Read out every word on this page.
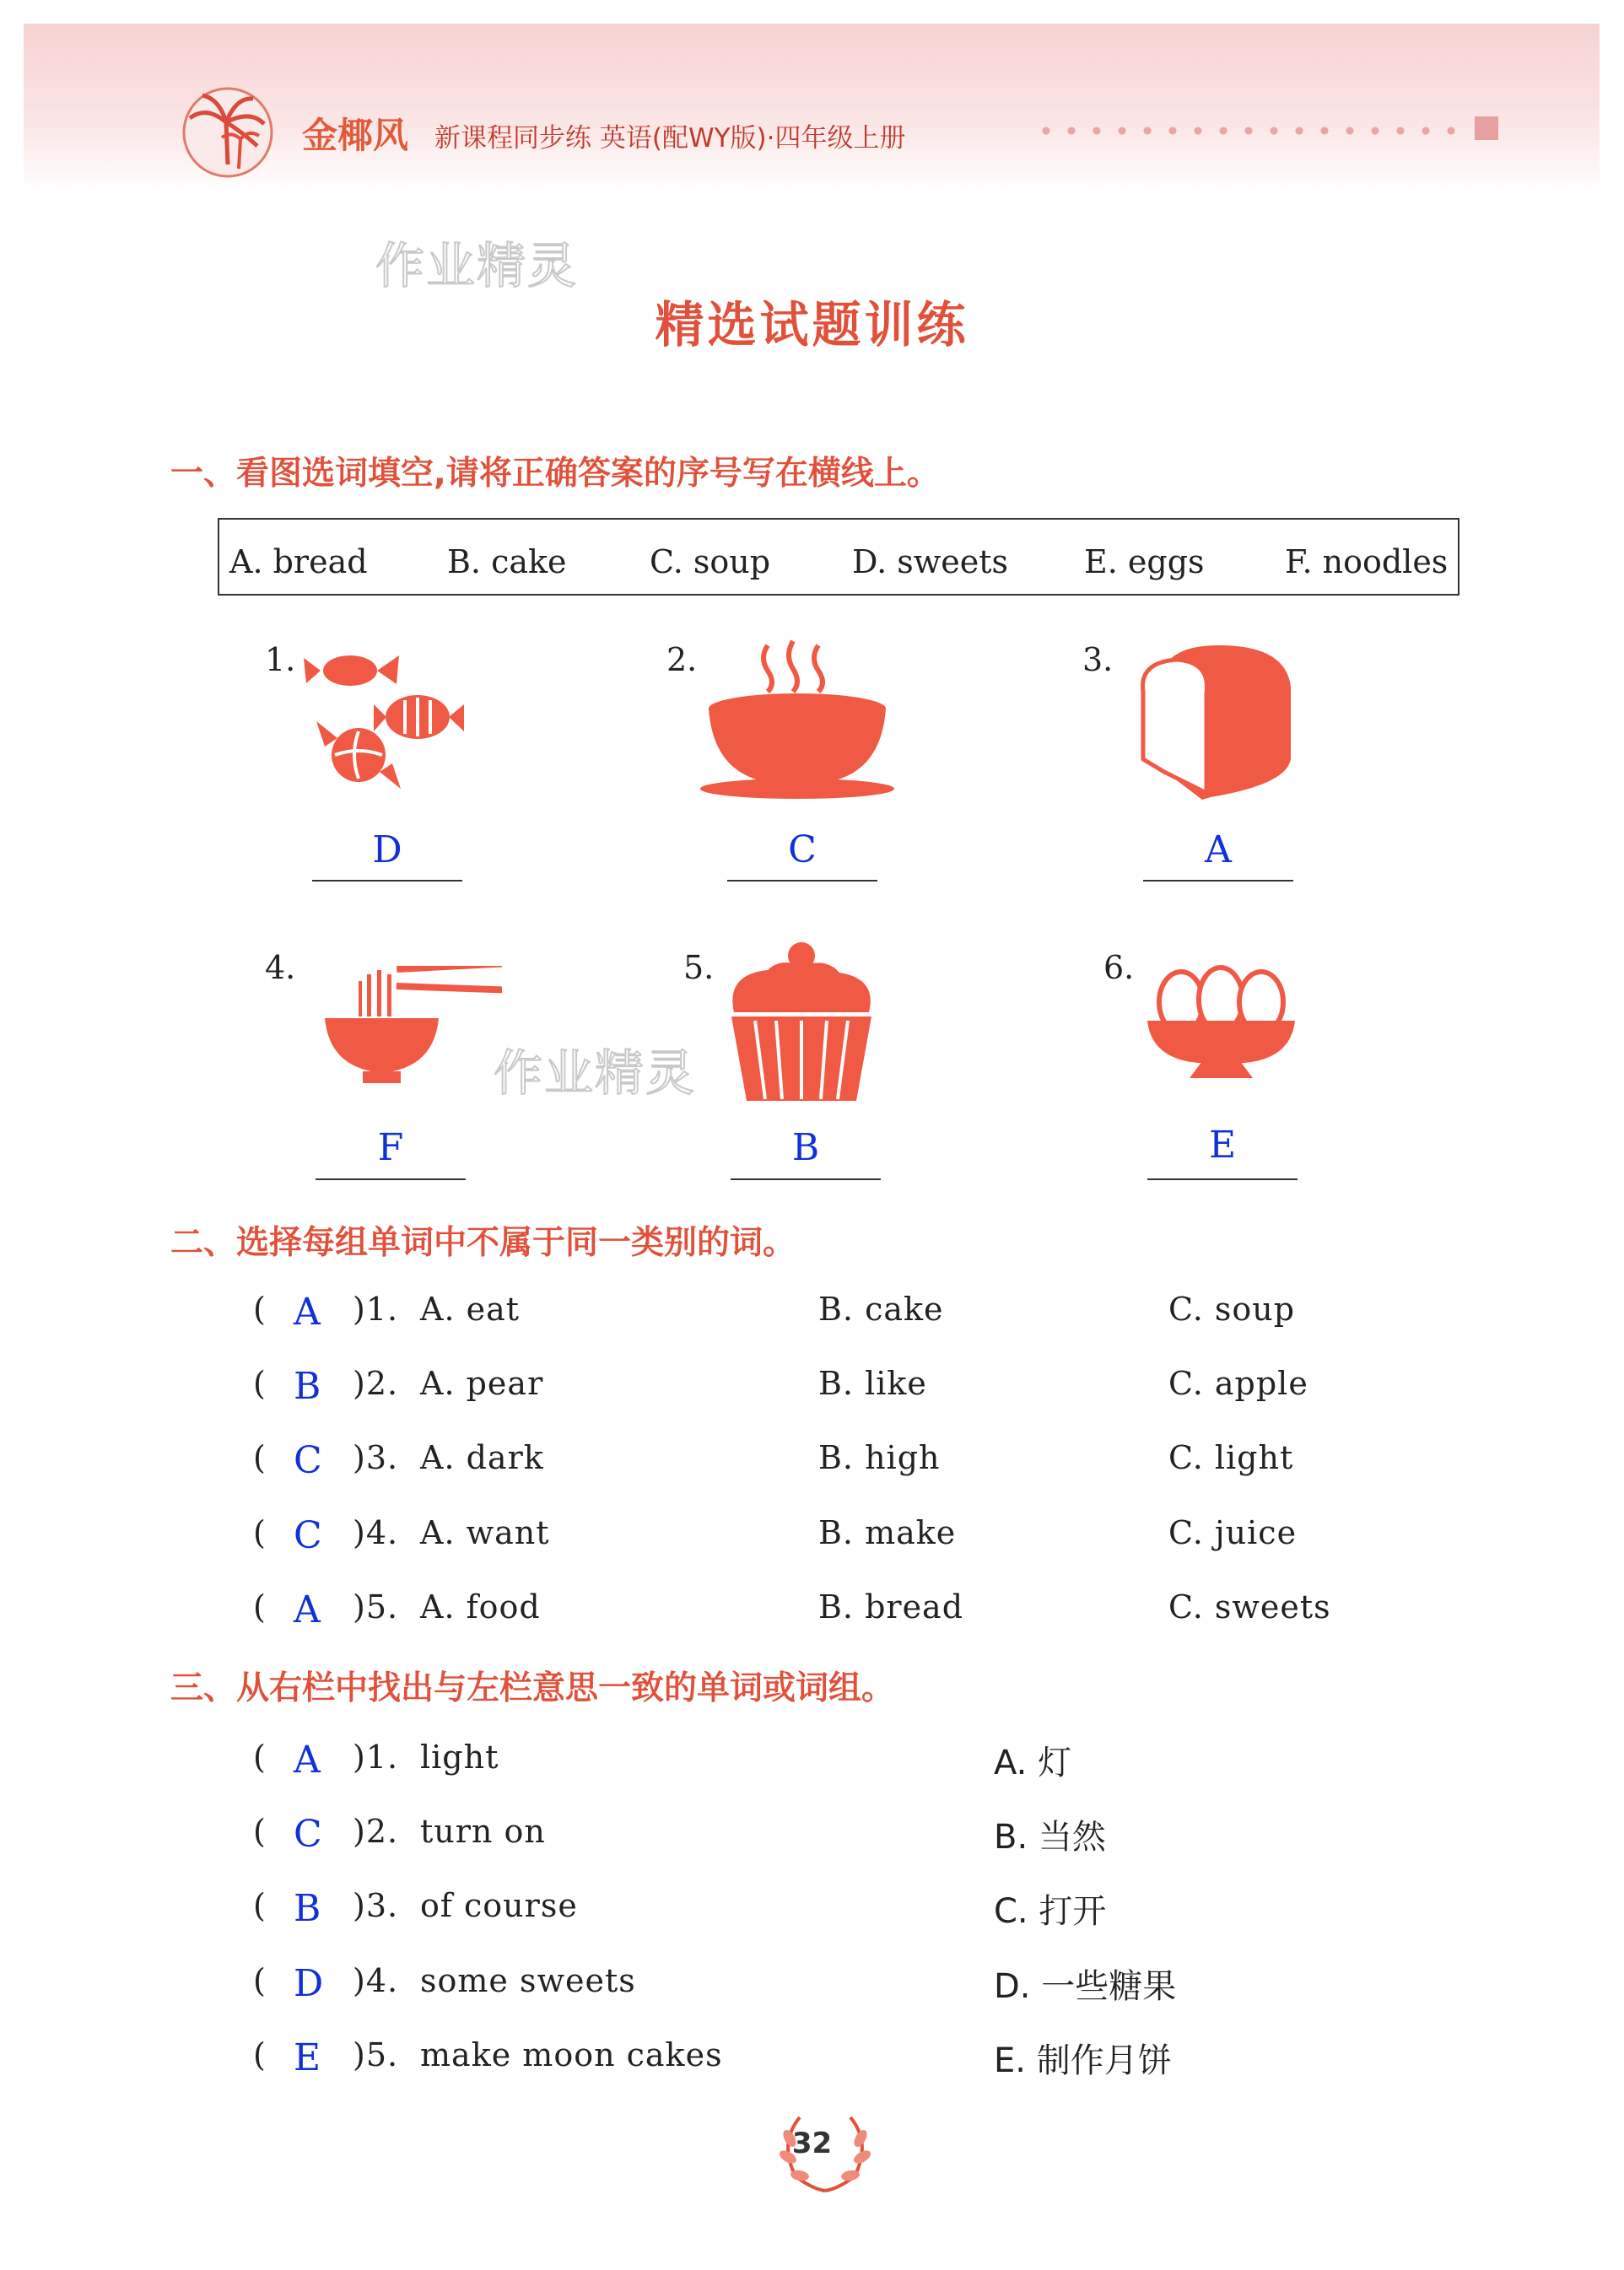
金椰风 新课程同步练 英语(配WY版)·四年级上册
作业精灵
作业精灵
精选试题训练
一、看图选词填空,请将正确答案的序号写在横线上。
A. bread B. cake	C. soup	D. sweets E. eggs	F. noodles
1.
D
2.
C
3.
A
4.
F
5.
B
6.
E
二、选择每组单词中不属于同一类别的词。
( A )1. A. eat	B. cake	C. soup
( B )2. A. pear	B. like	C. apple
( C )3. A. dark	B. high	C. light
( C )4. A. want	B. make	C. juice
( A )5. A. food	B. bread	C. sweets
三、从右栏中找出与左栏意思一致的单词或词组。
( A )1. light	A. 灯
( C )2. turn on	B. 当然
( B )3. of course	C. 打开
( D )4. some sweets	D. 一些糖果
( E )5. make moon cakes	E. 制作月饼
32
